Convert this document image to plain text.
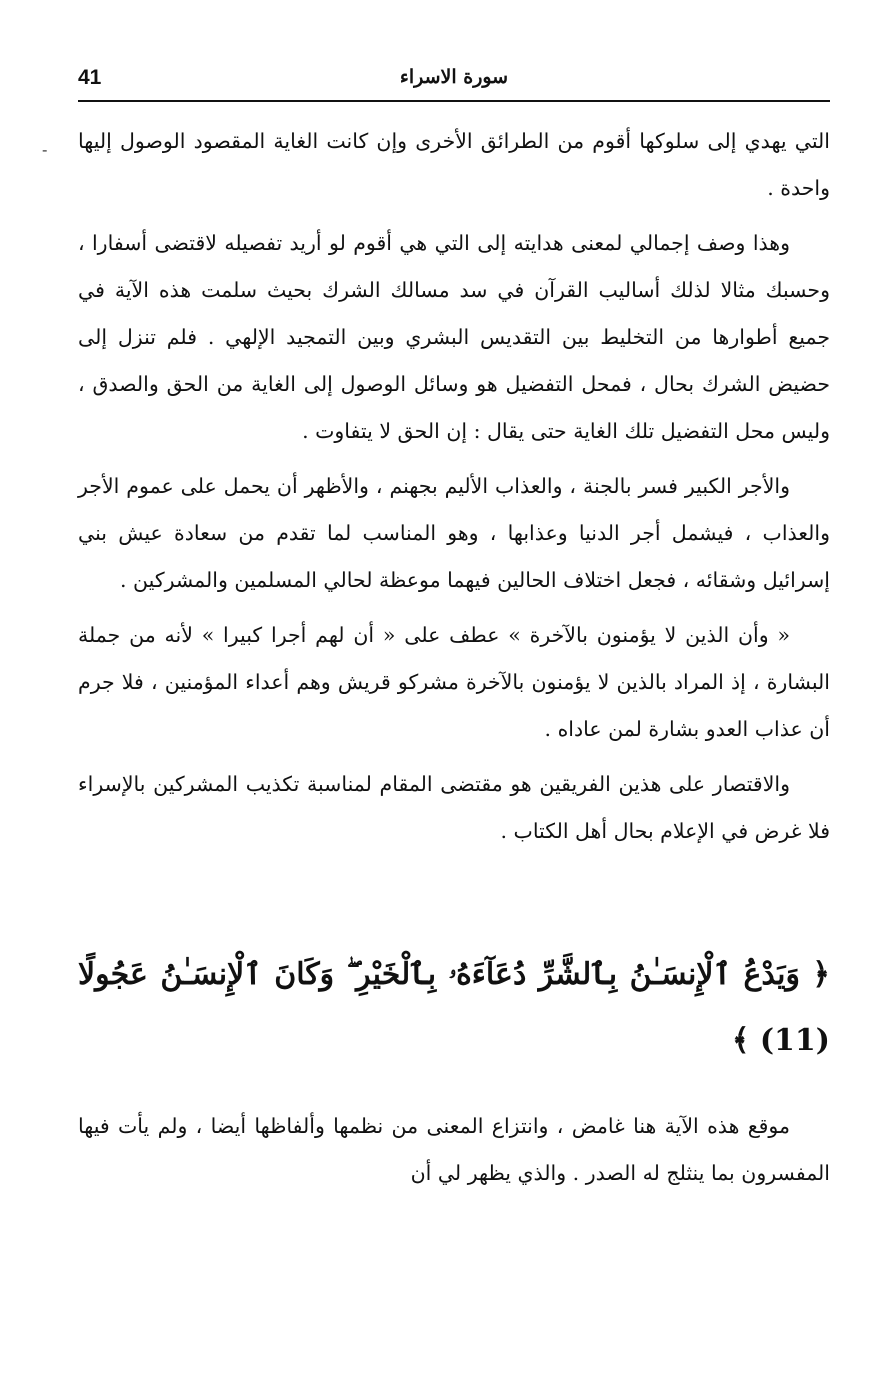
41	سورة الاسراء
- التي يهدي إلى سلوكها أقوم من الطرائق الأخرى وإن كانت الغاية المقصود الوصول إليها واحدة .

وهذا وصف إجمالي لمعنى هدايته إلى التي هي أقوم لو أريد تفصيله لاقتضى أسفارا ، وحسبك مثالا لذلك أساليب القرآن في سد مسالك الشرك بحيث سلمت هذه الآية في جميع أطوارها من التخليط بين التقديس البشري وبين التمجيد الإلهي . فلم تنزل إلى حضيض الشرك بحال ، فمحل التفضيل هو وسائل الوصول إلى الغاية من الحق والصدق ، وليس محل التفضيل تلك الغاية حتى يقال : إن الحق لا يتفاوت .

والأجر الكبير فسر بالجنة ، والعذاب الأليم بجهنم ، والأظهر أن يحمل على عموم الأجر والعذاب ، فيشمل أجر الدنيا وعذابها ، وهو المناسب لما تقدم من سعادة عيش بني إسرائيل وشقائه ، فجعل اختلاف الحالين فيهما موعظة لحالي المسلمين والمشركين .

« وأن الذين لا يؤمنون بالآخرة » عطف على « أن لهم أجرا كبيرا » لأنه من جملة البشارة ، إذ المراد بالذين لا يؤمنون بالآخرة مشركو قريش وهم أعداء المؤمنين ، فلا جرم أن عذاب العدو بشارة لمن عاداه .

والاقتصار على هذين الفريقين هو مقتضى المقام لمناسبة تكذيب المشركين بالإسراء فلا غرض في الإعلام بحال أهل الكتاب .

﴿ وَيَدْعُ ٱلْإِنسَـٰنُ بِٱلشَّرِّ دُعَآءَهُۥ بِٱلْخَيْرِ ۖ وَكَانَ ٱلْإِنسَـٰنُ عَجُولًا (11) ﴾

موقع هذه الآية هنا غامض ، وانتزاع المعنى من نظمها وألفاظها أيضا ، ولم يأت فيها المفسرون بما ينثلج له الصدر . والذي يظهر لي أن
